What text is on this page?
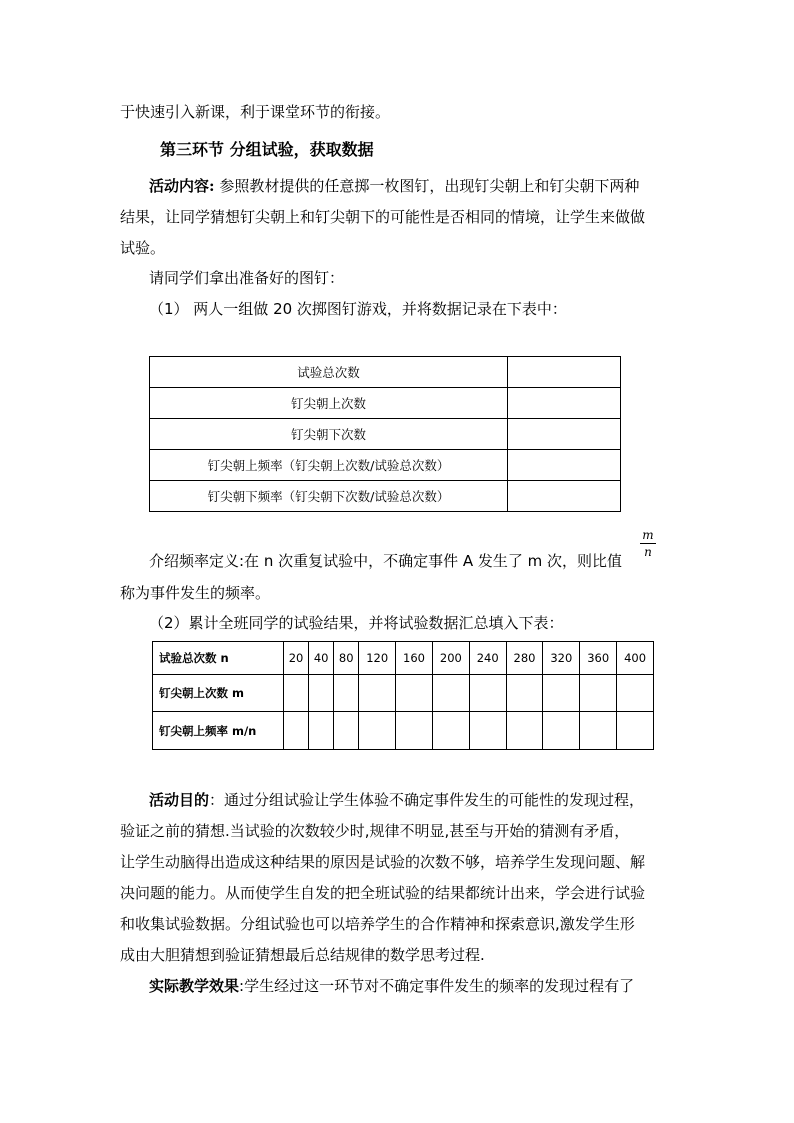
于快速引入新课，利于课堂环节的衔接。
第三环节 分组试验，获取数据
活动内容: 参照教材提供的任意掷一枚图钉，出现钉尖朝上和钉尖朝下两种
结果，让同学猜想钉尖朝上和钉尖朝下的可能性是否相同的情境，让学生来做做
试验。
请同学们拿出准备好的图钉：
（1） 两人一组做 20 次掷图钉游戏，并将数据记录在下表中：
试验总次数	
钉尖朝上次数	
钉尖朝下次数	
钉尖朝上频率（钉尖朝上次数/试验总次数）	
钉尖朝下频率（钉尖朝下次数/试验总次数）	
介绍频率定义:在 n 次重复试验中，不确定事件 A 发生了 m 次，则比值
m
n
称为事件发生的频率。
（2）累计全班同学的试验结果，并将试验数据汇总填入下表：
试验总次数 n	20	40	80	120	160	200	240	280	320	360	400
钉尖朝上次数 m											
钉尖朝上频率 m/n											
活动目的：通过分组试验让学生体验不确定事件发生的可能性的发现过程，
验证之前的猜想.当试验的次数较少时,规律不明显,甚至与开始的猜测有矛盾，
让学生动脑得出造成这种结果的原因是试验的次数不够，培养学生发现问题、解
决问题的能力。从而使学生自发的把全班试验的结果都统计出来，学会进行试验
和收集试验数据。分组试验也可以培养学生的合作精神和探索意识,激发学生形
成由大胆猜想到验证猜想最后总结规律的数学思考过程.
实际教学效果:学生经过这一环节对不确定事件发生的频率的发现过程有了
